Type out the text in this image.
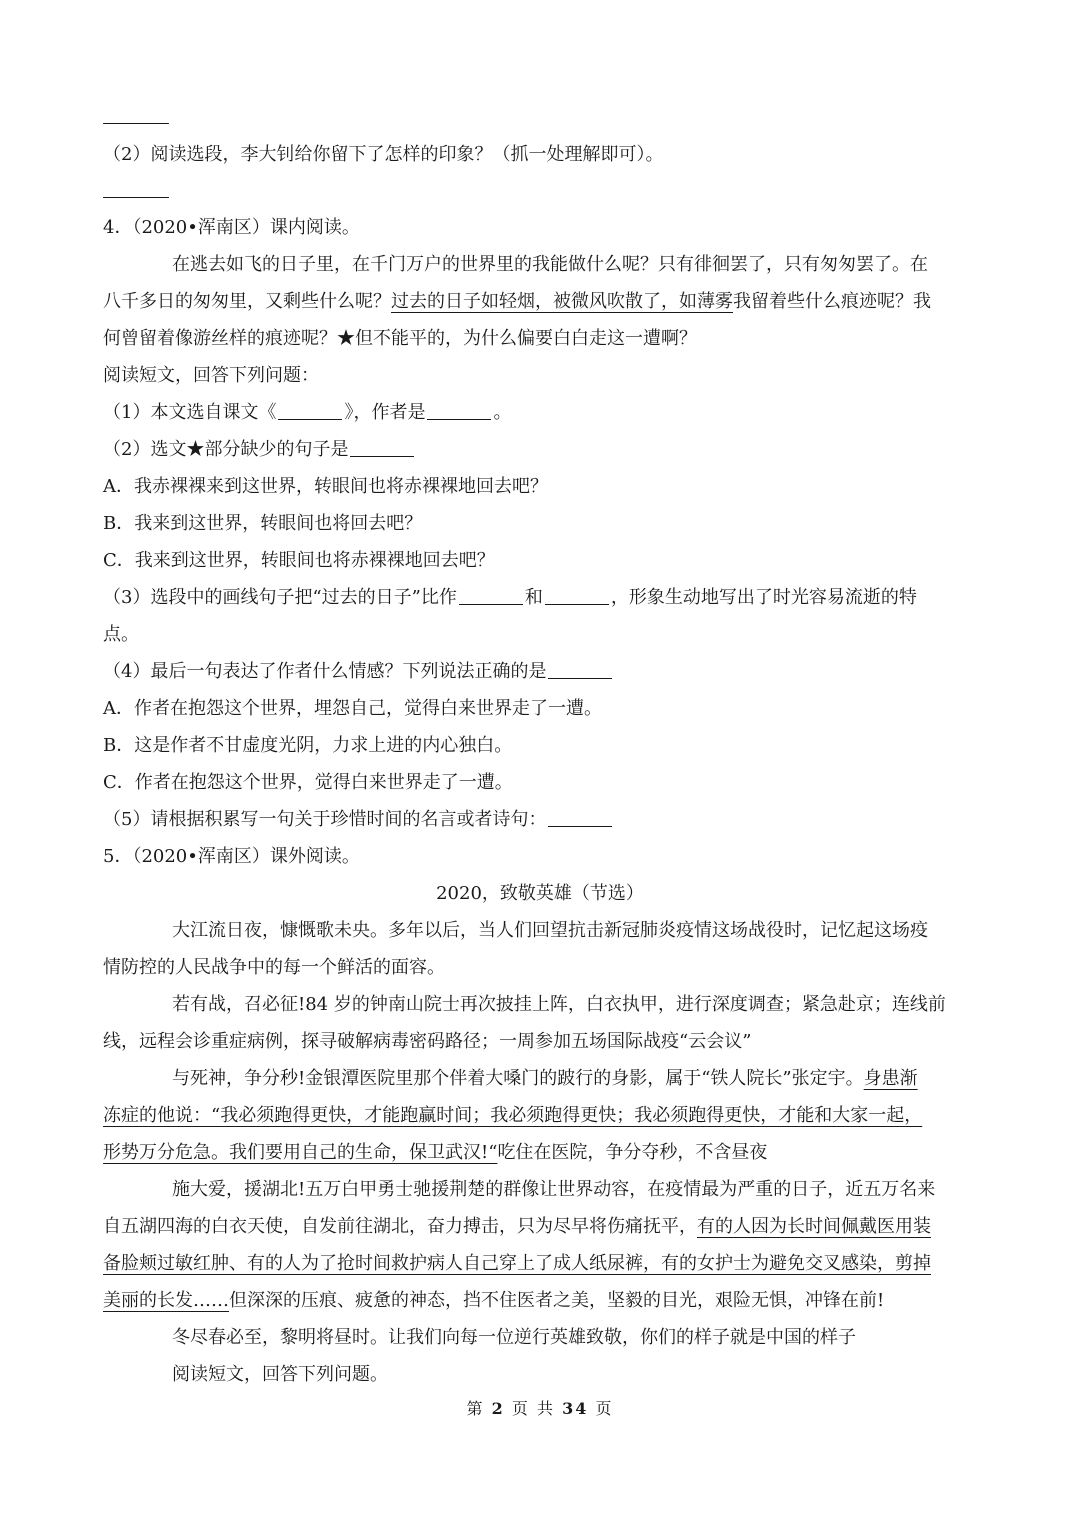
（2）阅读选段，李大钊给你留下了怎样的印象？（抓一处理解即可）。
4．（2020•浑南区）课内阅读。
在逃去如飞的日子里，在千门万户的世界里的我能做什么呢？只有徘徊罢了，只有匆匆罢了。在
八千多日的匆匆里，又剩些什么呢？过去的日子如轻烟，被微风吹散了，如薄雾我留着些什么痕迹呢？我
何曾留着像游丝样的痕迹呢？★但不能平的，为什么偏要白白走这一遭啊？
阅读短文，回答下列问题：
（1）本文选自课文《	》，作者是	。
（2）选文★部分缺少的句子是
A．我赤裸裸来到这世界，转眼间也将赤裸裸地回去吧？
B．我来到这世界，转眼间也将回去吧？
C．我来到这世界，转眼间也将赤裸裸地回去吧？
（3）选段中的画线句子把“过去的日子”比作	和	，形象生动地写出了时光容易流逝的特
点。
（4）最后一句表达了作者什么情感？下列说法正确的是
A．作者在抱怨这个世界，埋怨自己，觉得白来世界走了一遭。
B．这是作者不甘虚度光阴，力求上进的内心独白。
C．作者在抱怨这个世界，觉得白来世界走了一遭。
（5）请根据积累写一句关于珍惜时间的名言或者诗句：
5．（2020•浑南区）课外阅读。
2020，致敬英雄（节选）
大江流日夜，慷慨歌未央。多年以后，当人们回望抗击新冠肺炎疫情这场战役时，记忆起这场疫
情防控的人民战争中的每一个鲜活的面容。
若有战，召必征!84 岁的钟南山院士再次披挂上阵，白衣执甲，进行深度调查；紧急赴京；连线前
线，远程会诊重症病例，探寻破解病毒密码路径；一周参加五场国际战疫“云会议”
与死神，争分秒!金银潭医院里那个伴着大嗓门的跛行的身影，属于“铁人院长”张定宇。身患渐
冻症的他说：“我必须跑得更快，才能跑赢时间；我必须跑得更快；我必须跑得更快，才能和大家一起，
形势万分危急。我们要用自己的生命，保卫武汉!“吃住在医院，争分夺秒，不含昼夜
施大爱，援湖北!五万白甲勇士驰援荆楚的群像让世界动容，在疫情最为严重的日子，近五万名来
自五湖四海的白衣天使，自发前往湖北，奋力搏击，只为尽早将伤痛抚平，有的人因为长时间佩戴医用装
备脸颊过敏红肿、有的人为了抢时间救护病人自己穿上了成人纸尿裤，有的女护士为避免交叉感染，剪掉
美丽的长发……但深深的压痕、疲惫的神态，挡不住医者之美，坚毅的目光，艰险无惧，冲锋在前!
冬尽春必至，黎明将昼时。让我们向每一位逆行英雄致敬，你们的样子就是中国的样子
阅读短文，回答下列问题。
第 2 页 共 34 页
